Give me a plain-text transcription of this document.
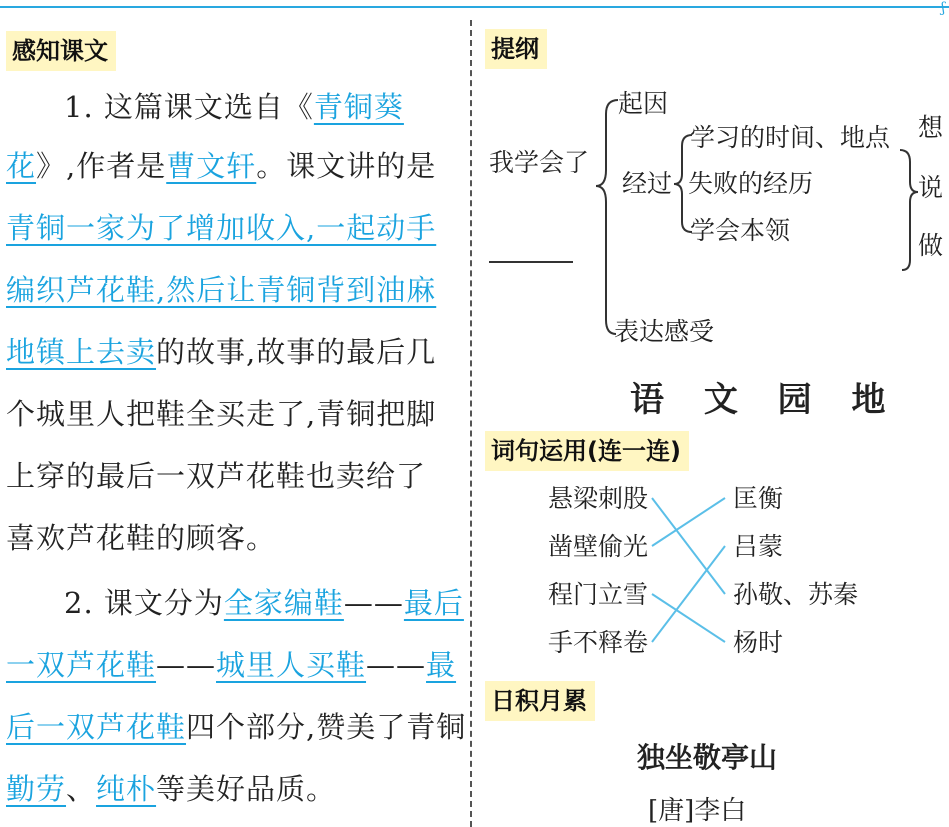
ʃ
感知课文
1. 这篇课文选自《青铜葵
花》,作者是曹文轩。课文讲的是
青铜一家为了增加收入,一起动手
编织芦花鞋,然后让青铜背到油麻
地镇上去卖的故事,故事的最后几
个城里人把鞋全买走了,青铜把脚
上穿的最后一双芦花鞋也卖给了
喜欢芦花鞋的顾客。
2. 课文分为全家编鞋——最后
一双芦花鞋——城里人买鞋——最
后一双芦花鞋四个部分,赞美了青铜
勤劳、纯朴等美好品质。
提纲
我学会了
起因
经过
学习的时间、地点
失败的经历
学会本领
想
说
做
表达感受
语 文 园 地
词句运用(连一连)
悬梁刺股
凿壁偷光
程门立雪
手不释卷
匡衡
吕蒙
孙敬、苏秦
杨时
日积月累
独坐敬亭山
[唐]李白
